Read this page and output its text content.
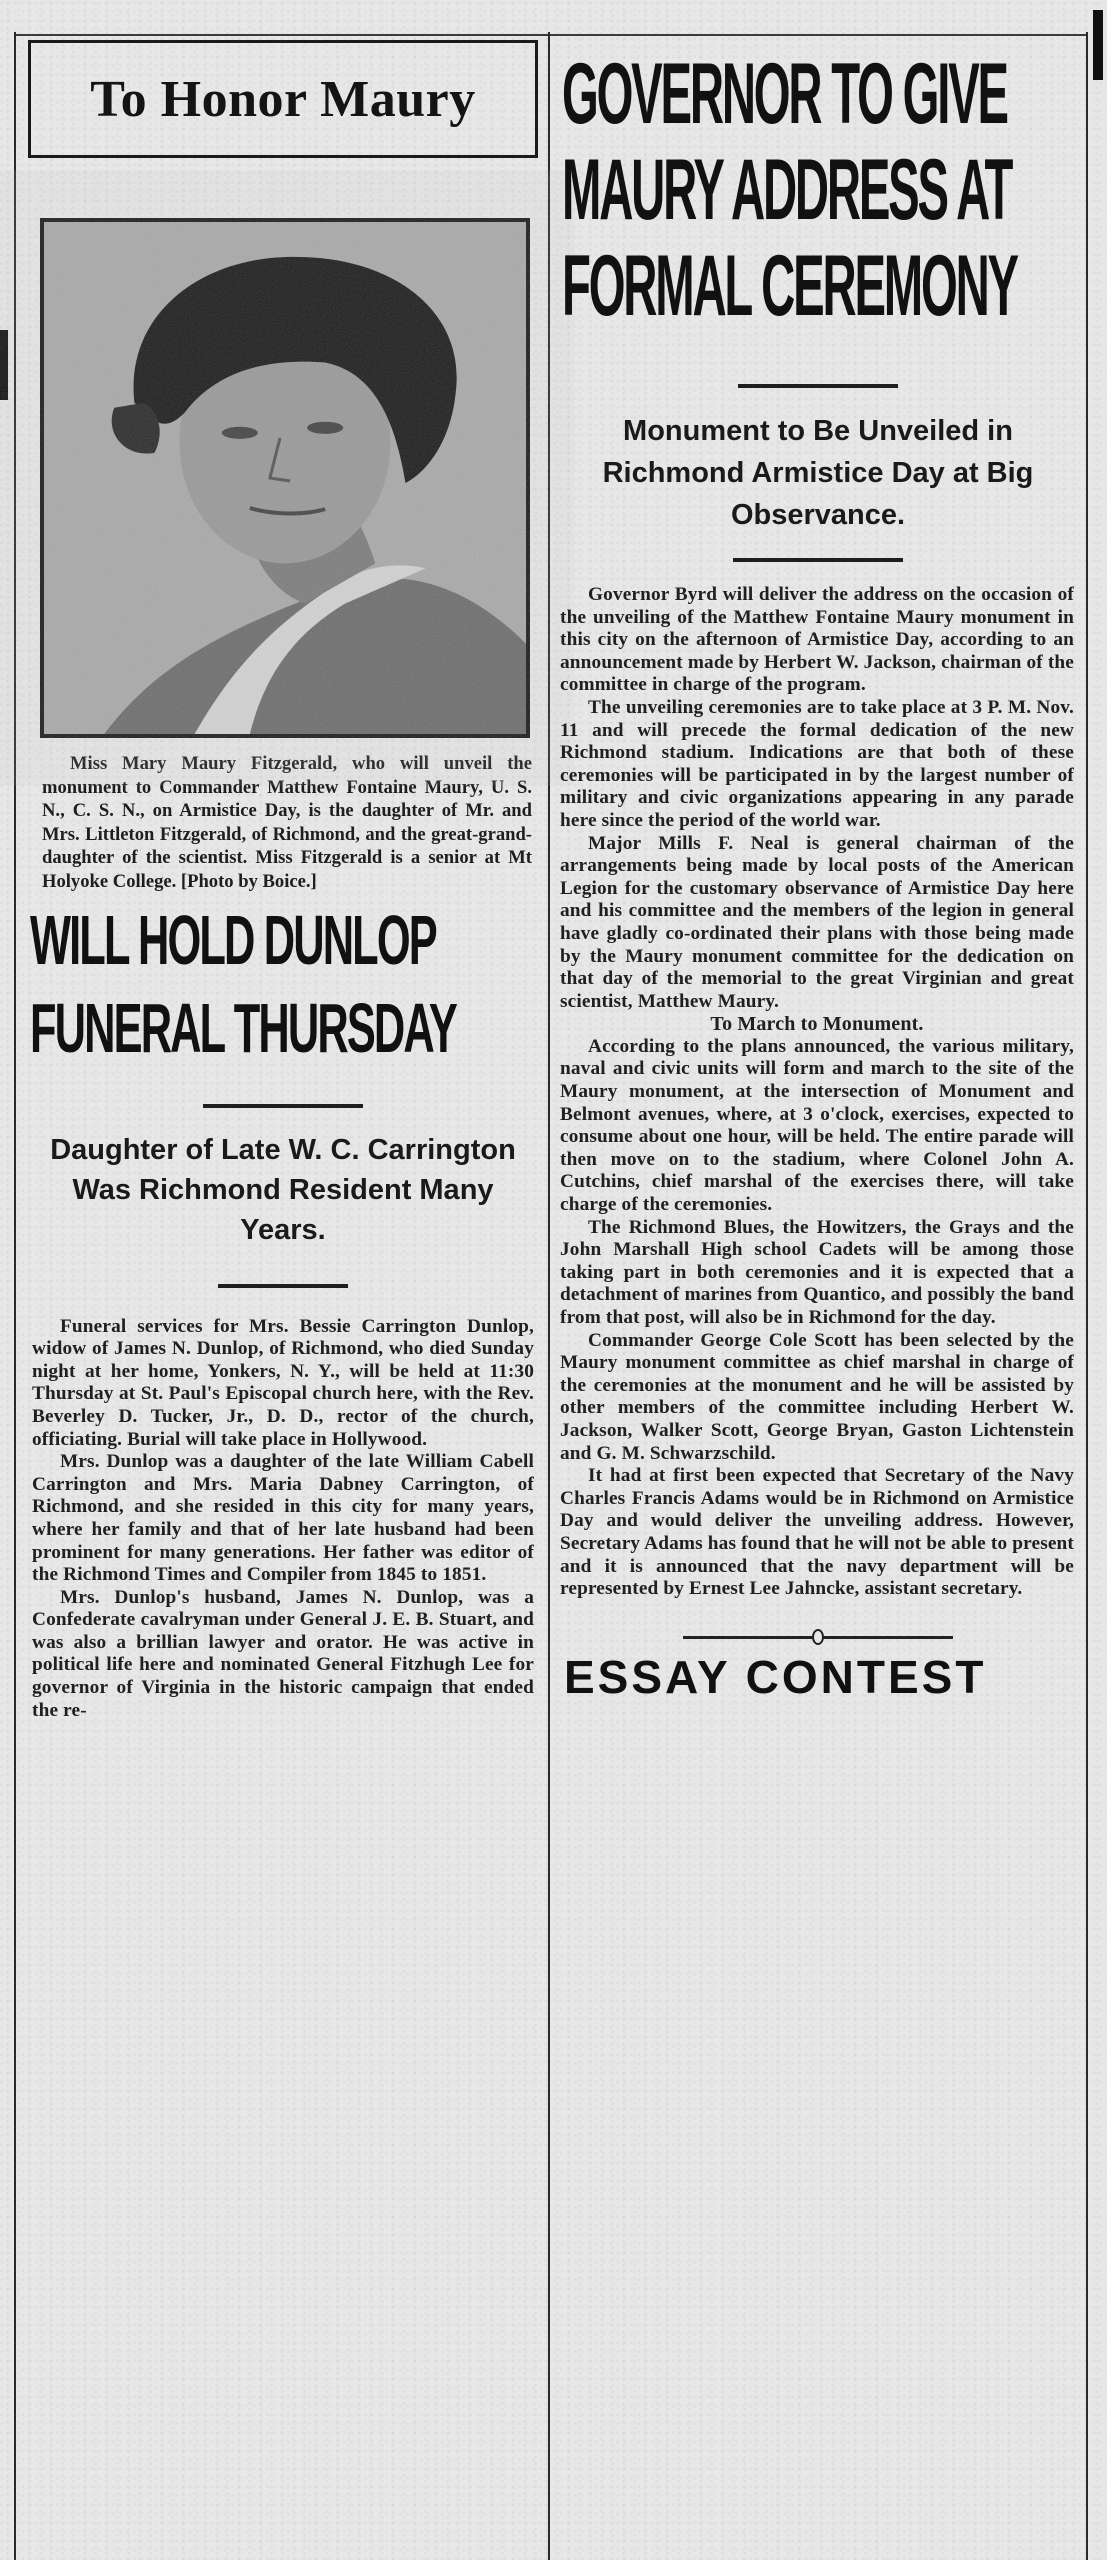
To Honor Maury
Miss Mary Maury Fitzgerald, who will unveil the monument to Commander Matthew Fontaine Maury, U. S. N., C. S. N., on Armistice Day, is the daughter of Mr. and Mrs. Littleton Fitzgerald, of Richmond, and the great-grand-daughter of the scientist. Miss Fitzgerald is a senior at Mt Holyoke College. [Photo by Boice.]
WILL HOLD DUNLOP
FUNERAL THURSDAY
Daughter of Late W. C. Carrington Was Richmond Resident Many Years.

Funeral services for Mrs. Bessie Carrington Dunlop, widow of James N. Dunlop, of Richmond, who died Sunday night at her home, Yonkers, N. Y., will be held at 11:30 Thursday at St. Paul's Episcopal church here, with the Rev. Beverley D. Tucker, Jr., D. D., rector of the church, officiating. Burial will take place in Hollywood.

Mrs. Dunlop was a daughter of the late William Cabell Carrington and Mrs. Maria Dabney Carrington, of Richmond, and she resided in this city for many years, where her family and that of her late husband had been prominent for many generations. Her father was editor of the Richmond Times and Compiler from 1845 to 1851.

Mrs. Dunlop's husband, James N. Dunlop, was a Confederate cavalryman under General J. E. B. Stuart, and was also a brillian lawyer and orator. He was active in political life here and nominated General Fitzhugh Lee for governor of Virginia in the historic campaign that ended the re-

GOVERNOR TO GIVE
MAURY ADDRESS AT
FORMAL CEREMONY
Monument to Be Unveiled in Richmond Armistice Day at Big Observance.

Governor Byrd will deliver the address on the occasion of the unveiling of the Matthew Fontaine Maury monument in this city on the afternoon of Armistice Day, according to an announcement made by Herbert W. Jackson, chairman of the committee in charge of the program.

The unveiling ceremonies are to take place at 3 P. M. Nov. 11 and will precede the formal dedication of the new Richmond stadium. Indications are that both of these ceremonies will be participated in by the largest number of military and civic organizations appearing in any parade here since the period of the world war.

Major Mills F. Neal is general chairman of the arrangements being made by local posts of the American Legion for the customary observance of Armistice Day here and his committee and the members of the legion in general have gladly co-ordinated their plans with those being made by the Maury monument committee for the dedication on that day of the memorial to the great Virginian and great scientist, Matthew Maury.

To March to Monument.

According to the plans announced, the various military, naval and civic units will form and march to the site of the Maury monument, at the intersection of Monument and Belmont avenues, where, at 3 o'clock, exercises, expected to consume about one hour, will be held. The entire parade will then move on to the stadium, where Colonel John A. Cutchins, chief marshal of the exercises there, will take charge of the ceremonies.

The Richmond Blues, the Howitzers, the Grays and the John Marshall High school Cadets will be among those taking part in both ceremonies and it is expected that a detachment of marines from Quantico, and possibly the band from that post, will also be in Richmond for the day.

Commander George Cole Scott has been selected by the Maury monument committee as chief marshal in charge of the ceremonies at the monument and he will be assisted by other members of the committee including Herbert W. Jackson, Walker Scott, George Bryan, Gaston Lichtenstein and G. M. Schwarzschild.

It had at first been expected that Secretary of the Navy Charles Francis Adams would be in Richmond on Armistice Day and would deliver the unveiling address. However, Secretary Adams has found that he will not be able to present and it is announced that the navy department will be represented by Ernest Lee Jahncke, assistant secretary.

ESSAY CONTEST
